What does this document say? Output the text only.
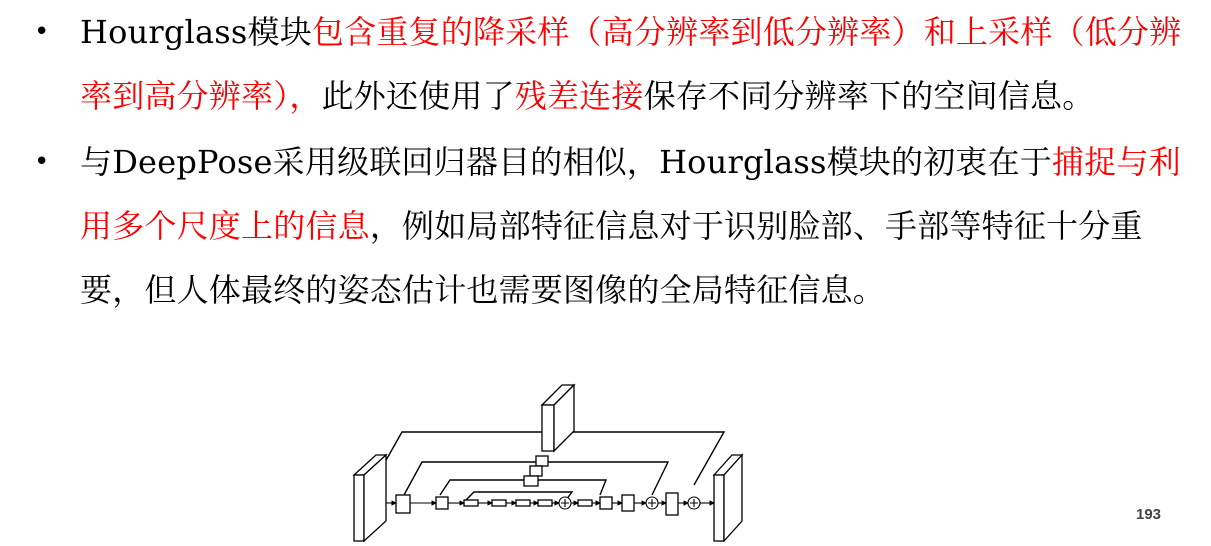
• Hourglass模块包含重复的降采样（高分辨率到低分辨率）和上采样（低分辨率到高分辨率），此外还使用了残差连接保存不同分辨率下的空间信息。
• 与DeepPose采用级联回归器目的相似，Hourglass模块的初衷在于捕捉与利用多个尺度上的信息，例如局部特征信息对于识别脸部、手部等特征十分重要，但人体最终的姿态估计也需要图像的全局特征信息。
193
